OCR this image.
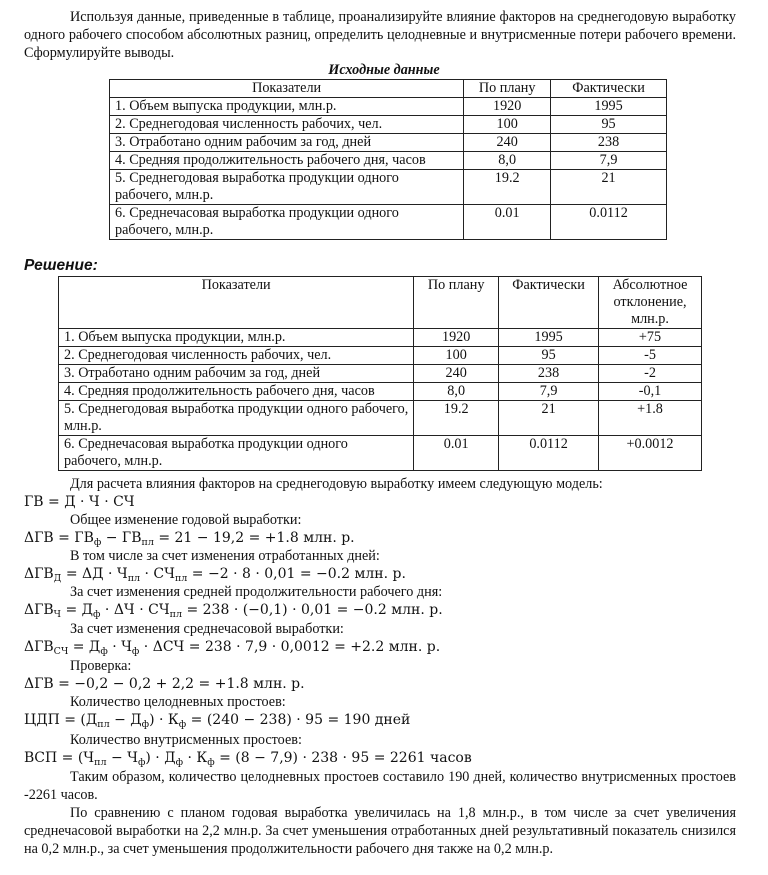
Используя данные, приведенные в таблице, проанализируйте влияние факторов на среднегодовую выработку одного рабочего способом абсолютных разниц, определить целодневные и внутрисменные потери рабочего времени. Сформулируйте выводы.

Исходные данные
Показатели	По плану	Фактически
1. Объем выпуска продукции, млн.р.	1920	1995
2. Среднегодовая численность рабочих, чел.	100	95
3. Отработано одним рабочим за год, дней	240	238
4. Средняя продолжительность рабочего дня, часов	8,0	7,9
5. Среднегодовая выработка продукции одного рабочего, млн.р.	19.2	21
6. Среднечасовая выработка продукции одного рабочего, млн.р.	0.01	0.0112
Решение:
Показатели	По плану	Фактически	Абсолютное отклонение, млн.р.
1. Объем выпуска продукции, млн.р.	1920	1995	+75
2. Среднегодовая численность рабочих, чел.	100	95	-5
3. Отработано одним рабочим за год, дней	240	238	-2
4. Средняя продолжительность рабочего дня, часов	8,0	7,9	-0,1
5. Среднегодовая выработка продукции одного рабочего, млн.р.	19.2	21	+1.8
6. Среднечасовая выработка продукции одного рабочего, млн.р.	0.01	0.0112	+0.0012

Для расчета влияния факторов на среднегодовую выработку имеем следующую модель:

ГВ = Д · Ч · СЧ

Общее изменение годовой выработки:

$\Delta ГВ = ГВ_ф - ГВ_{пл} = 21 - 19,2 = +1.8$ млн. р.

В том числе за счет изменения отработанных дней:

$\Delta ГВ_Д = \Delta Д \cdot Ч_{пл} \cdot СЧ_{пл} = -2 \cdot 8 \cdot 0,01 = -0.2$ млн. р.

За счет изменения средней продолжительности рабочего дня:

$\Delta ГВ_Ч = Д_ф \cdot \Delta Ч \cdot СЧ_{пл} = 238 \cdot (-0,1) \cdot 0,01 = -0.2$ млн. р.

За счет изменения среднечасовой выработки:

$\Delta ГВ_{СЧ} = Д_ф \cdot Ч_ф \cdot \Delta СЧ = 238 \cdot 7,9 \cdot 0,0012 = +2.2$ млн. р.

Проверка:

ΔГВ = −0,2 − 0,2 + 2,2 = +1.8 млн. р.

Количество целодневных простоев:

ЦДП = $(Д_{пл} - Д_ф) \cdot К_ф = (240 - 238) \cdot 95 = 190$ дней

Количество внутрисменных простоев:

ВСП = $(Ч_{пл} - Ч_ф) \cdot Д_ф \cdot К_ф = (8 - 7,9) \cdot 238 \cdot 95 = 2261$ часов

Таким образом, количество целодневных простоев составило 190 дней, количество внутрисменных простоев -2261 часов.

По сравнению с планом годовая выработка увеличилась на 1,8 млн.р., в том числе за счет увеличения среднечасовой выработки на 2,2 млн.р. За счет уменьшения отработанных дней результативный показатель снизился на 0,2 млн.р., за счет уменьшения продолжительности рабочего дня также на 0,2 млн.р.
